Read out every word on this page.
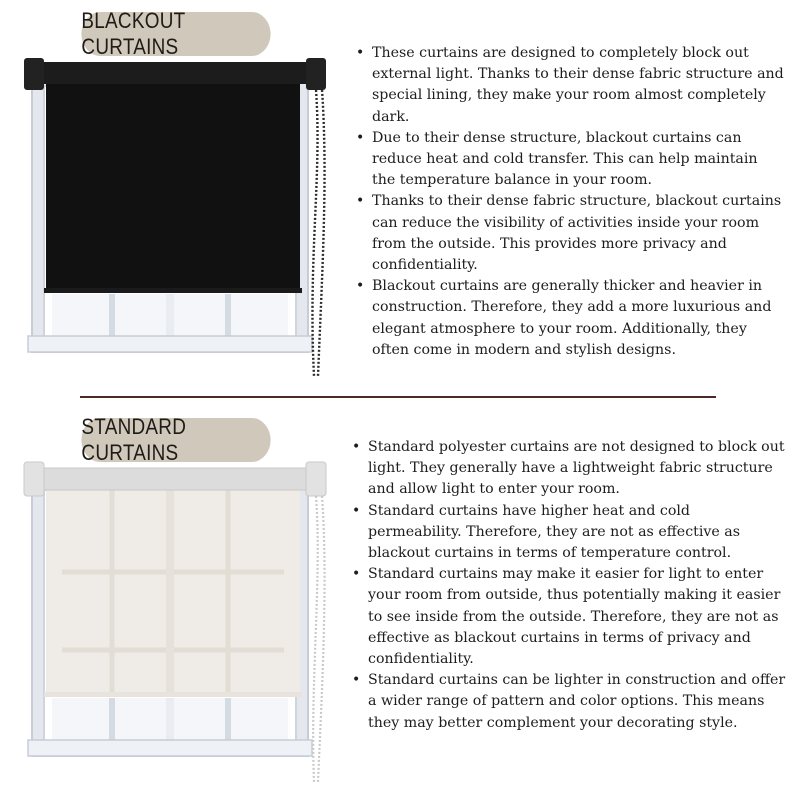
BLACKOUT CURTAINS	• These curtains are designed to completely block out external light. Thanks to their dense fabric structure and special lining, they make your room almost completely dark.
• Due to their dense structure, blackout curtains can reduce heat and cold transfer. This can help maintain the temperature balance in your room.
• Thanks to their dense fabric structure, blackout curtains can reduce the visibility of activities inside your room from the outside. This provides more privacy and confidentiality.
• Blackout curtains are generally thicker and heavier in construction. Therefore, they add a more luxurious and elegant atmosphere to your room. Additionally, they often come in modern and stylish designs.
STANDARD CURTAINS	• Standard polyester curtains are not designed to block out light. They generally have a lightweight fabric structure and allow light to enter your room.
• Standard curtains have higher heat and cold permeability. Therefore, they are not as effective as blackout curtains in terms of temperature control.
• Standard curtains may make it easier for light to enter your room from outside, thus potentially making it easier to see inside from the outside. Therefore, they are not as effective as blackout curtains in terms of privacy and confidentiality.
• Standard curtains can be lighter in construction and offer a wider range of pattern and color options. This means they may better complement your decorating style.
